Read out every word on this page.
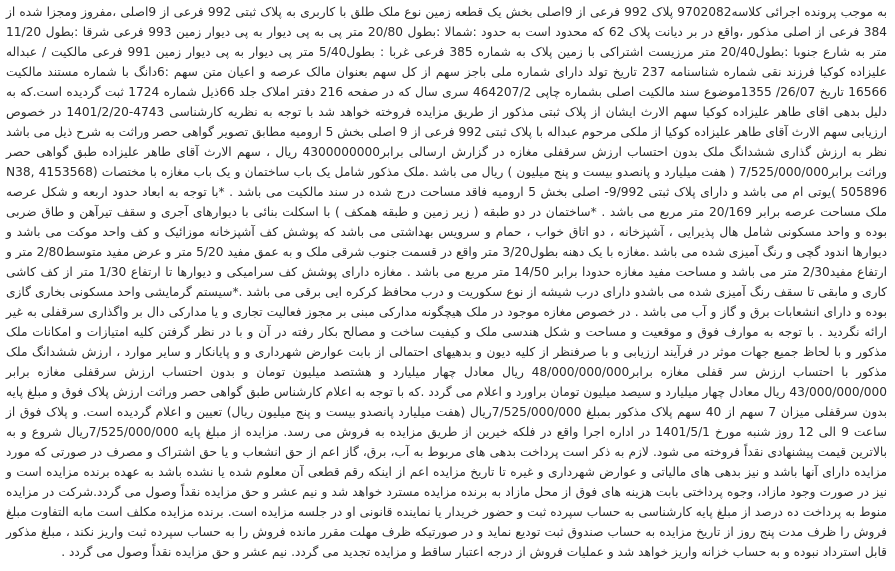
به موجب پرونده اجرائی کلاسه9702082 پلاک 992 فرعی از 9اصلی بخش یک قطعه زمین نوع ملک طلق با کاربری به پلاک ثبتی 992 فرعی از 9اصلی ،مفروز ومجزا شده از 384 فرعی از اصلی مذکور ،واقع در بر دیانت پلاک 62 که محدود است به حدود :شمالا :بطول 20/80 متر پی به پی دیوار به پی دیوار زمین 993 فرعی شرقا :بطول 11/20 متر به شارع جنوبا :بطول20/40 متر مرزیست اشتراکی با زمین پلاک به شماره 385 فرعی غربا : بطول5/40 متر پی دیوار به پی دیوار زمین 991 فرعی مالکیت / عبداله علیزاده کوکیا فرزند نقی شماره شناسنامه 237 تاریخ تولد دارای شماره ملی باجز سهم از کل سهم بعنوان مالک عرصه و اعیان متن سهم :6دانگ با شماره مستند مالکیت 16566 تاریخ 26/07/ 1355موضوع سند مالکیت اصلی بشماره چاپی 464207/2 سری سال که در صفحه 216 دفتر املاک جلد 66ذیل شماره 1724 ثبت گردیده است.که به دلیل بدهی اقای طاهر علیزاده کوکیا سهم الارث ایشان از پلاک ثبتی مذکور از طریق مزایده فروخته خواهد شد با توجه به نظریه کارشناسی 4743-1401/2/20 در خصوص ارزیابی سهم الارث آقای طاهر علیزاده کوکیا از ملکی مرحوم عبداله با پلاک ثبتی 992 فرعی از 9 اصلی بخش 5 ارومیه مطابق تصویر گواهی حصر وراثت به شرح ذیل می باشد نظر به ارزش گذاری ششدانگ ملک بدون احتساب ارزش سرقفلی مغازه در گزارش ارسالی برابر4300000000 ریال ، سهم الارث آقای طاهر علیزاده طبق گواهی حصر وراثت برابر7/525/000/000 ( هفت میلیارد و پانصدو بیست و پنج میلیون ) ریال می باشد .ملک مذکور شامل یک باب ساختمان و یک باب مغازه با مختصات (4153568 ,N38 505896 )یوتی ام می باشد و دارای پلاک ثبتی 9/992- اصلی بخش 5 ارومیه فاقد مساحت درج شده در سند مالکیت می باشد . *با توجه به ابعاد حدود اربعه و شکل عرصه ملک مساحت عرصه برابر 20/169 متر مربع می باشد . *ساختمان در دو طبقه ( زیر زمین و طبقه همکف ) با اسکلت بنائی با دیوارهای آجری و سقف تیرآهن و طاق ضربی بوده و واحد مسکونی شامل هال پذیرایی ، آشپزخانه ، دو اتاق خواب ، حمام و سرویس بهداشتی می باشد که پوشش کف آشپزخانه موزائیک و کف واحد موکت می باشد و دیوارها اندود گچی و رنگ آمیزی شده می باشد .مغازه با یک دهنه بطول3/20 متر واقع در قسمت جنوب شرقی ملک و به عمق مفید 5/20 متر و عرض مفید متوسط2/80 متر و ارتفاع مفید2/30 متر می باشد و مساحت مفید مغازه حدودا برابر 14/50 متر مربع می باشد . مغازه دارای پوشش کف سرامیکی و دیوارها تا ارتفاع 1/30 متر از کف کاشی کاری و مابقی تا سقف رنگ آمیزی شده می باشدو دارای درب شیشه از نوع سکوریت و درب محافظ کرکره ایی برقی می باشد .*سیستم گرمایشی واحد مسکونی بخاری گازی بوده و دارای انشعابات برق و گاز و آب می باشد . در خصوص مغازه موجود در ملک هیچگونه مدارکی مبنی بر مجوز فعالیت تجاری و یا مدارکی دال بر واگذاری سرقفلی به غیر ارائه نگردید . با توجه به موارف فوق و موقعیت و مساحت و شکل هندسی ملک و کیفیت ساخت و مصالح بکار رفته در آن و با در نظر گرفتن کلیه امتیازات و امکانات ملک مذکور و با لحاظ جمیع جهات موثر در فرآیند ارزیابی و با صرفنظر از کلیه دیون و بدهیهای احتمالی از بابت عوارض شهرداری و و پایانکار و سایر موارد ، ارزش ششدانگ ملک مذکور با احتساب ارزش سر قفلی مغازه برابر48/000/000/000 ریال معادل چهار میلیارد و هشتصد میلیون تومان و بدون احتساب ارزش سرقفلی مغازه برابر 43/000/000/000 ریال معادل چهار میلیارد و سیصد میلیون تومان براورد و اعلام می گردد .که با توجه به اعلام کارشناس طبق گواهی حصر وراثت ارزش پلاک فوق و مبلغ پایه بدون سرقفلی میزان 7 سهم از 40 سهم پلاک مذکور بمبلغ 7/525/000/000ریال (هفت میلیارد پانصدو بیست و پنج میلیون ریال) تعیین و اعلام گردیده است. و پلاک فوق از ساعت 9 الی 12 روز شنبه مورخ 1401/5/1 در اداره اجرا واقع در فلکه خیرین از طریق مزایده به فروش می رسد. مزایده از مبلغ پایه 7/525/000/000ریال شروع و به بالاترین قیمت پیشنهادی نقداً فروخته می شود. لازم به ذکر است پرداخت بدهی های مربوط به آب، برق، گاز اعم از حق انشعاب و یا حق اشتراک و مصرف در صورتی که مورد مزایده دارای آنها باشد و نیز بدهی های مالیاتی و عوارض شهرداری و غیره تا تاریخ مزایده اعم از اینکه رقم قطعی آن معلوم شده یا نشده باشد به عهده برنده مزایده است و نیز در صورت وجود مازاد، وجوه پرداختی بابت هزینه های فوق از محل مازاد به برنده مزایده مسترد خواهد شد و نیم عشر و حق مزایده نقداً وصول می گردد.شرکت در مزایده منوط به پرداخت ده درصد از مبلغ پایه کارشناسی به حساب سپرده ثبت و حضور خریدار یا نماینده قانونی او در جلسه مزایده است. برنده مزایده مکلف است مابه التفاوت مبلغ فروش را ظرف مدت پنج روز از تاریخ مزایده به حساب صندوق ثبت تودیع نماید و در صورتیکه ظرف مهلت مقرر مانده فروش را به حساب سپرده ثبت واریز نکند ، مبلغ مذکور قابل استرداد نبوده و به حساب خزانه واریز خواهد شد و عملیات فروش از درجه اعتبار ساقط و مزایده تجدید می گردد. نیم عشر و حق مزایده نقداً وصول می گردد .
